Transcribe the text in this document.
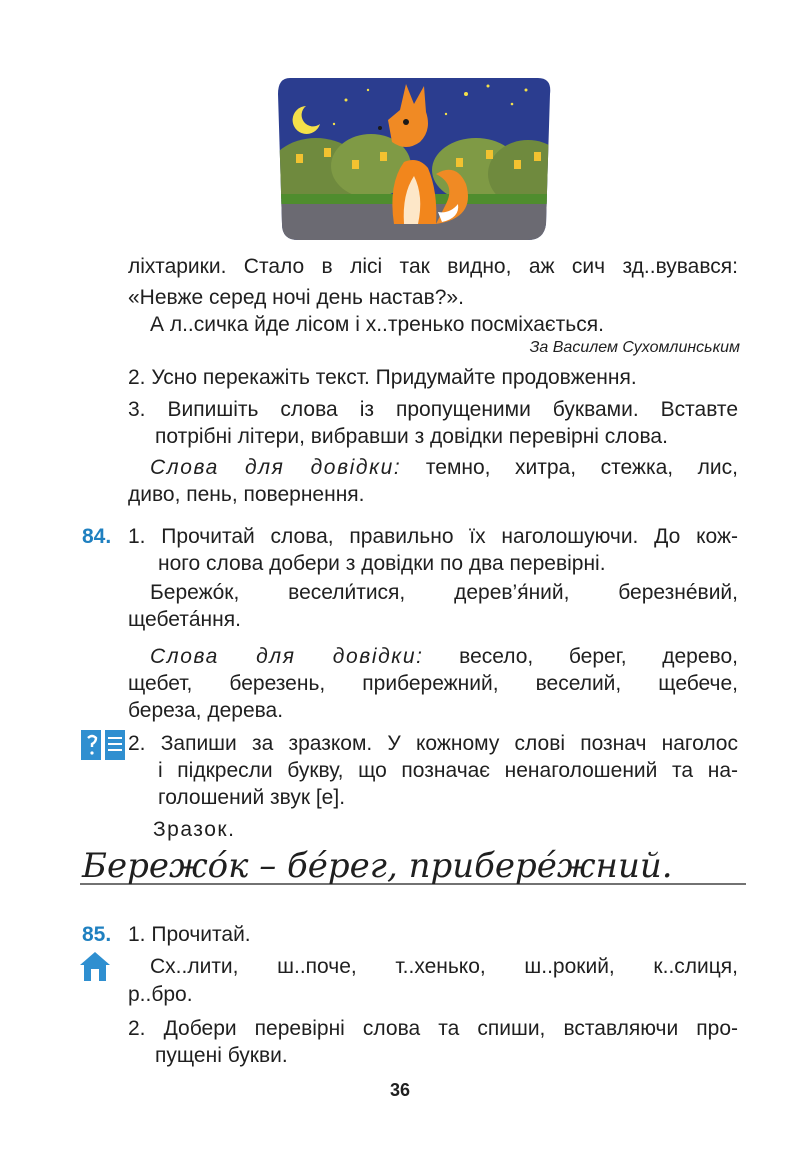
ліхтарики. Стало в лісі так видно, аж сич зд..вувався:

«Невже серед ночі день настав?».

А л..сичка йде лісом і х..тренько посміхається.

За Василем Сухомлинським

2. Усно перекажіть текст. Придумайте продовження.

3. Випишіть слова із пропущеними буквами. Вставте

потрібні літери, вибравши з довідки перевірні слова.

Слова для довідки: темно, хитра, стежка, лис,

диво, пень, повернення.

84. 1. Прочитай слова, правильно їх наголошуючи. До кож-

ного слова добери з довідки по два перевірні.

Бережóк, весели́тися, дерев’я́ний, березнéвий,

щебетáння.

Слова для довідки: весело, берег, дерево,

щебет, березень, прибережний, веселий, щебече,

береза, дерева.

2. Запиши за зразком. У кожному слові познач наголос

і підкресли букву, що позначає ненаголошений та на-

голошений звук [е].

Зразок.

Бережóк – бéрег, прибере́жний.

85. 1. Прочитай.

Сх..лити, ш..поче, т..хенько, ш..рокий, к..слиця,

р..бро.

2. Добери перевірні слова та спиши, вставляючи про-

пущені букви.

36
